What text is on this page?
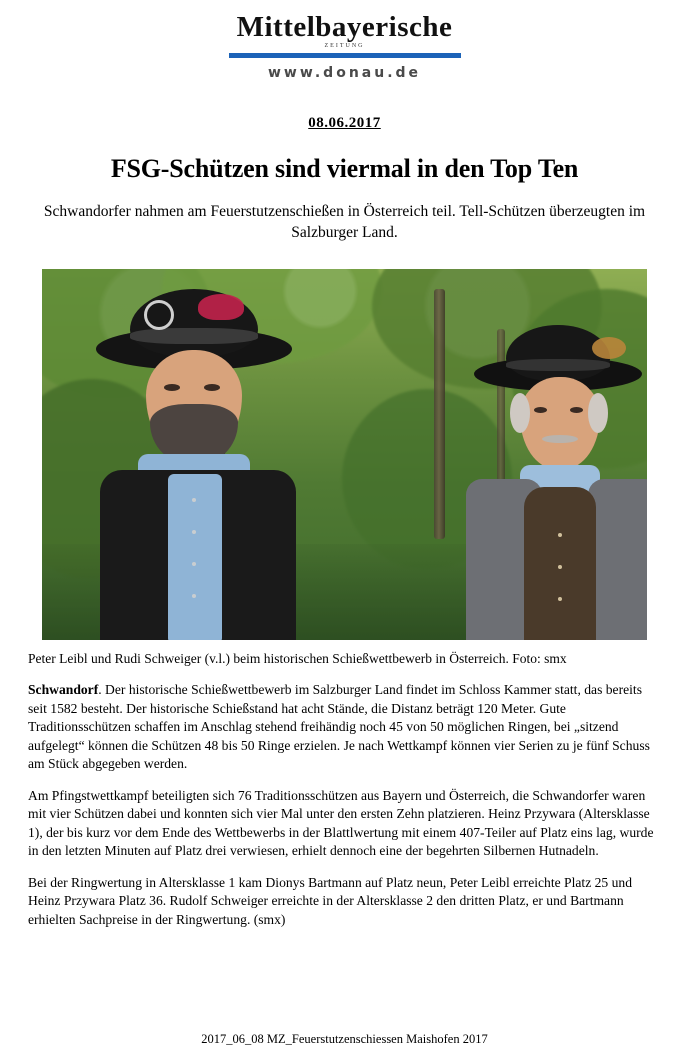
Mittelbayerische
ZEITUNG
www.donau.de
08.06.2017
FSG-Schützen sind viermal in den Top Ten
Schwandorfer nahmen am Feuerstutzenschießen in Österreich teil. Tell-Schützen überzeugten im Salzburger Land.
Peter Leibl und Rudi Schweiger (v.l.) beim historischen Schießwettbewerb in Österreich. Foto: smx

Schwandorf. Der historische Schießwettbewerb im Salzburger Land findet im Schloss Kammer statt, das bereits seit 1582 besteht. Der historische Schießstand hat acht Stände, die Distanz beträgt 120 Meter. Gute Traditionsschützen schaffen im Anschlag stehend freihändig noch 45 von 50 möglichen Ringen, bei „sitzend aufgelegt“ können die Schützen 48 bis 50 Ringe erzielen. Je nach Wettkampf können vier Serien zu je fünf Schuss am Stück abgegeben werden.

Am Pfingstwettkampf beteiligten sich 76 Traditionsschützen aus Bayern und Österreich, die Schwandorfer waren mit vier Schützen dabei und konnten sich vier Mal unter den ersten Zehn platzieren. Heinz Przywara (Altersklasse 1), der bis kurz vor dem Ende des Wettbewerbs in der Blattlwertung mit einem 407-Teiler auf Platz eins lag, wurde in den letzten Minuten auf Platz drei verwiesen, erhielt dennoch eine der begehrten Silbernen Hutnadeln.

Bei der Ringwertung in Altersklasse 1 kam Dionys Bartmann auf Platz neun, Peter Leibl erreichte Platz 25 und Heinz Przywara Platz 36. Rudolf Schweiger erreichte in der Altersklasse 2 den dritten Platz, er und Bartmann erhielten Sachpreise in der Ringwertung. (smx)

2017_06_08 MZ_Feuerstutzenschiessen Maishofen 2017
